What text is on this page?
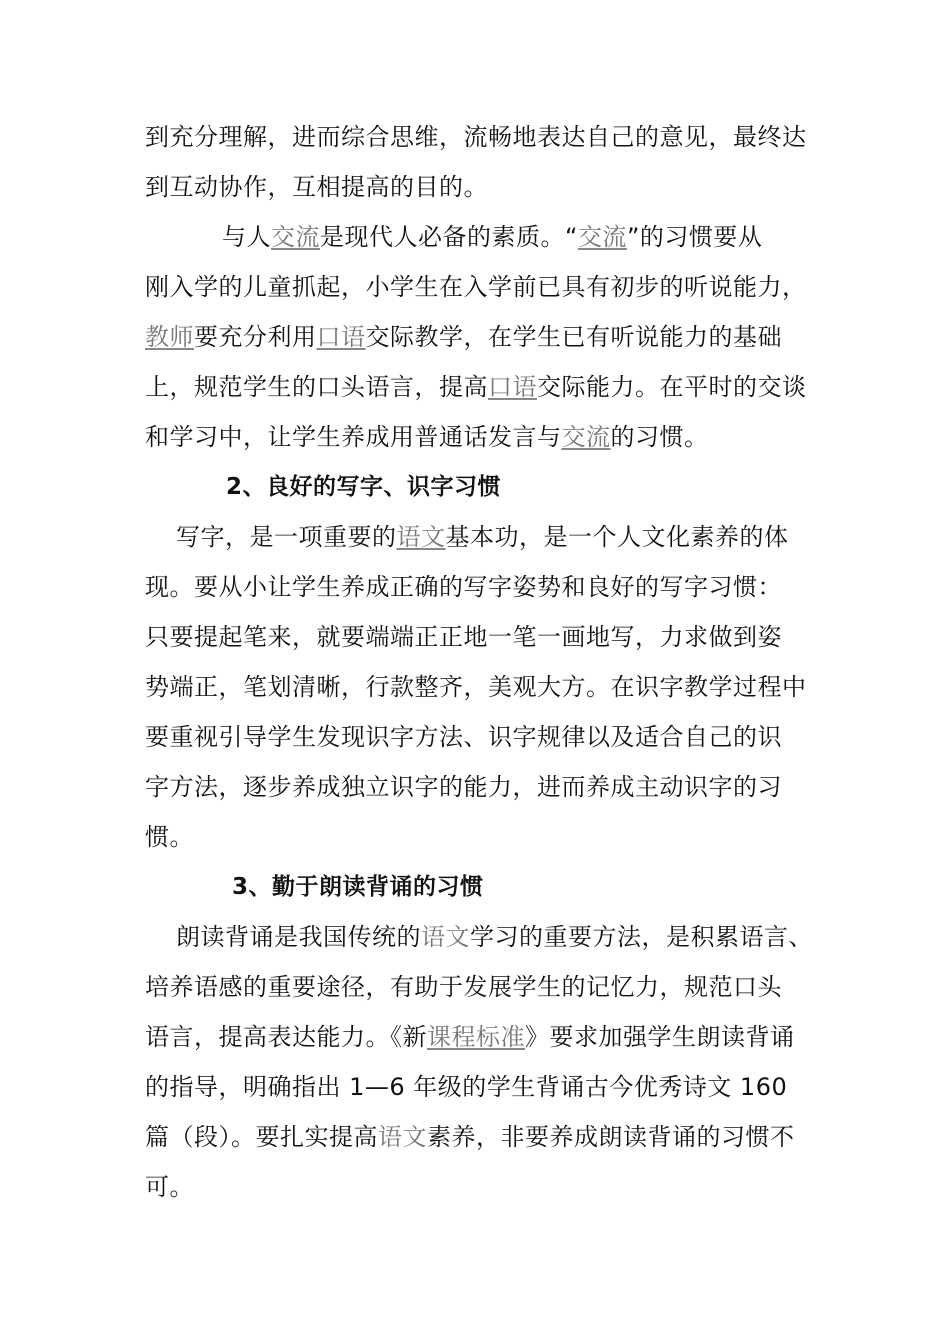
到充分理解，进而综合思维，流畅地表达自己的意见，最终达
到互动协作，互相提高的目的。
与人交流是现代人必备的素质。“交流”的习惯要从
刚入学的儿童抓起，小学生在入学前已具有初步的听说能力，
教师要充分利用口语交际教学，在学生已有听说能力的基础
上，规范学生的口头语言，提高口语交际能力。在平时的交谈
和学习中，让学生养成用普通话发言与交流的习惯。
2、良好的写字、识字习惯
写字，是一项重要的语文基本功，是一个人文化素养的体
现。要从小让学生养成正确的写字姿势和良好的写字习惯：
只要提起笔来，就要端端正正地一笔一画地写，力求做到姿
势端正，笔划清晰，行款整齐，美观大方。在识字教学过程中
要重视引导学生发现识字方法、识字规律以及适合自己的识
字方法，逐步养成独立识字的能力，进而养成主动识字的习
惯。
3、勤于朗读背诵的习惯
朗读背诵是我国传统的语文学习的重要方法，是积累语言、
培养语感的重要途径，有助于发展学生的记忆力，规范口头
语言，提高表达能力。《新课程标准》要求加强学生朗读背诵
的指导，明确指出 1—6 年级的学生背诵古今优秀诗文 160
篇（段）。要扎实提高语文素养，非要养成朗读背诵的习惯不
可。
